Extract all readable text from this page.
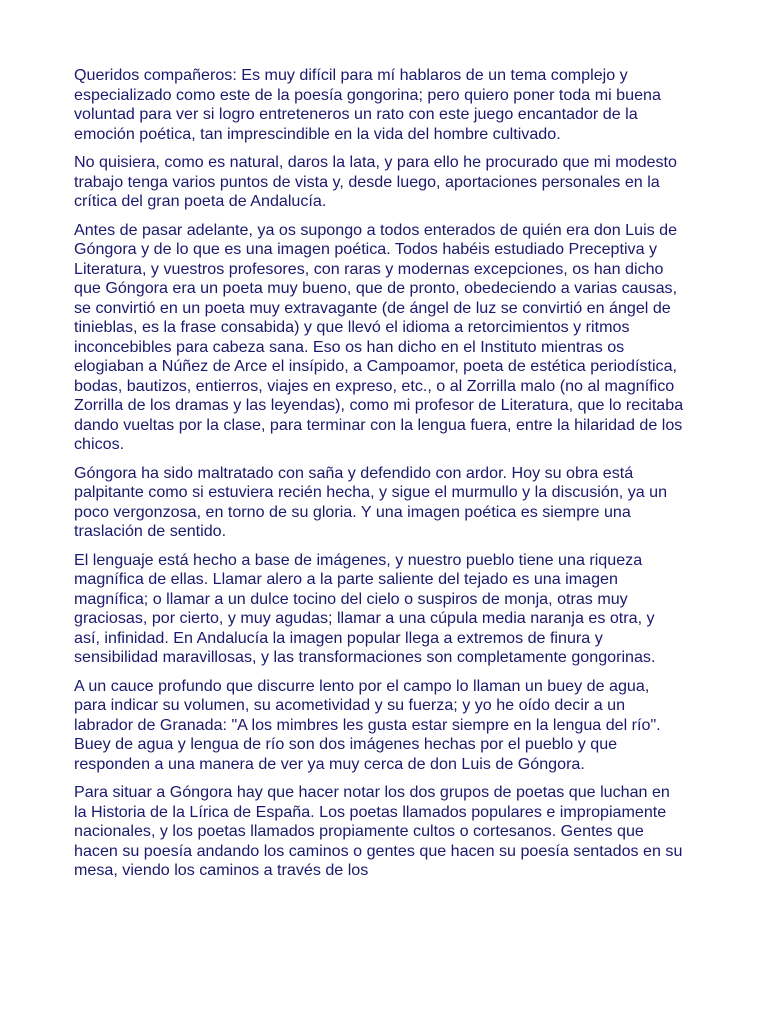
Queridos compañeros: Es muy difícil para mí hablaros de un tema complejo y especializado como este de la poesía gongorina; pero quiero poner toda mi buena voluntad para ver si logro entreteneros un rato con este juego encantador de la emoción poética, tan imprescindible en la vida del hombre cultivado.

No quisiera, como es natural, daros la lata, y para ello he procurado que mi modesto trabajo tenga varios puntos de vista y, desde luego, aportaciones personales en la crítica del gran poeta de Andalucía.

Antes de pasar adelante, ya os supongo a todos enterados de quién era don Luis de Góngora y de lo que es una imagen poética. Todos habéis estudiado Preceptiva y Literatura, y vuestros profesores, con raras y modernas excepciones, os han dicho que Góngora era un poeta muy bueno, que de pronto, obedeciendo a varias causas, se convirtió en un poeta muy extravagante (de ángel de luz se convirtió en ángel de tinieblas, es la frase consabida) y que llevó el idioma a retorcimientos y ritmos inconcebibles para cabeza sana. Eso os han dicho en el Instituto mientras os elogiaban a Núñez de Arce el insípido, a Campoamor, poeta de estética periodística, bodas, bautizos, entierros, viajes en expreso, etc., o al Zorrilla malo (no al magnífico Zorrilla de los dramas y las leyendas), como mi profesor de Literatura, que lo recitaba dando vueltas por la clase, para terminar con la lengua fuera, entre la hilaridad de los chicos.

Góngora ha sido maltratado con saña y defendido con ardor. Hoy su obra está palpitante como si estuviera recién hecha, y sigue el murmullo y la discusión, ya un poco vergonzosa, en torno de su gloria. Y una imagen poética es siempre una traslación de sentido.

El lenguaje está hecho a base de imágenes, y nuestro pueblo tiene una riqueza magnífica de ellas. Llamar alero a la parte saliente del tejado es una imagen magnífica; o llamar a un dulce tocino del cielo o suspiros de monja, otras muy graciosas, por cierto, y muy agudas; llamar a una cúpula media naranja es otra, y así, infinidad. En Andalucía la imagen popular llega a extremos de finura y sensibilidad maravillosas, y las transformaciones son completamente gongorinas.

A un cauce profundo que discurre lento por el campo lo llaman un buey de agua, para indicar su volumen, su acometividad y su fuerza; y yo he oído decir a un labrador de Granada: "A los mimbres les gusta estar siempre en la lengua del río". Buey de agua y lengua de río son dos imágenes hechas por el pueblo y que responden a una manera de ver ya muy cerca de don Luis de Góngora.

Para situar a Góngora hay que hacer notar los dos grupos de poetas que luchan en la Historia de la Lírica de España. Los poetas llamados populares e impropiamente nacionales, y los poetas llamados propiamente cultos o cortesanos. Gentes que hacen su poesía andando los caminos o gentes que hacen su poesía sentados en su mesa, viendo los caminos a través de los
